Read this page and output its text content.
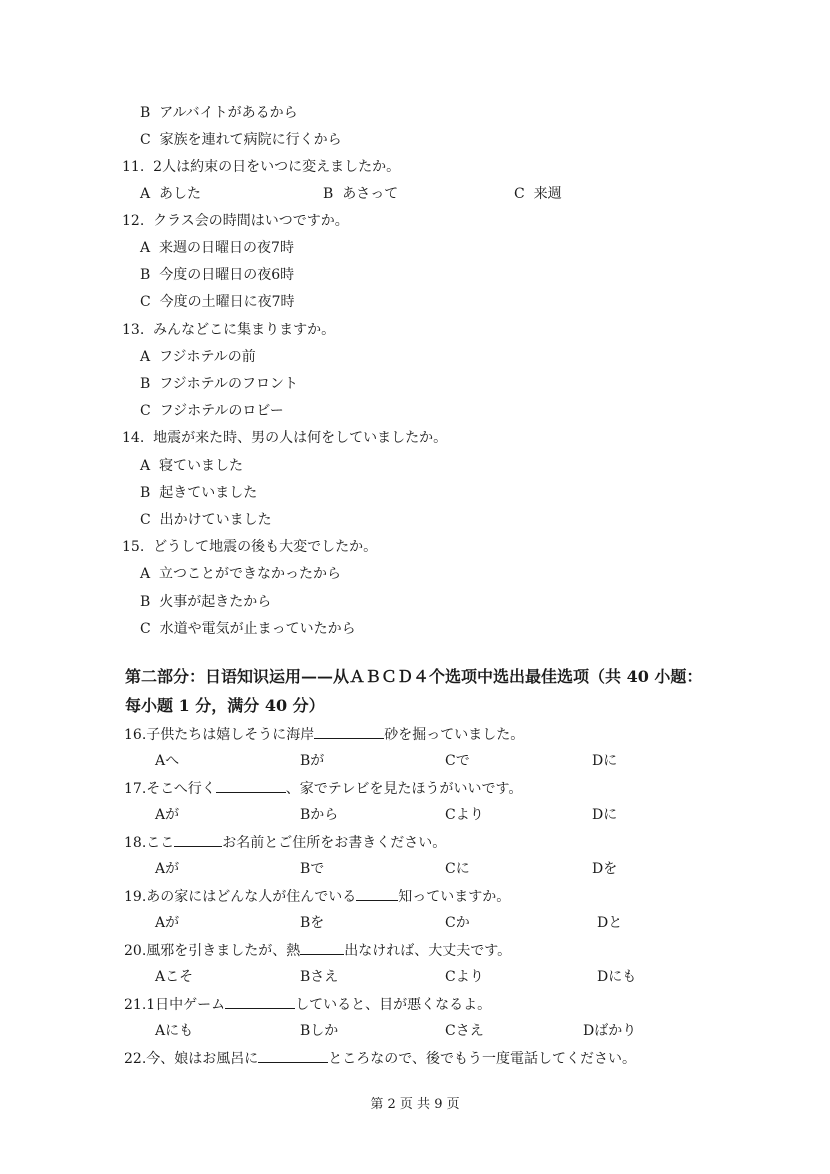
B アルバイトがあるから
C 家族を連れて病院に行くから
11. 2人は約束の日をいつに変えましたか。
A あした	B あさって	C 来週
12. クラス会の時間はいつですか。
A 来週の日曜日の夜7時
B 今度の日曜日の夜6時
C 今度の土曜日に夜7時
13. みんなどこに集まりますか。
A フジホテルの前
B フジホテルのフロント
C フジホテルのロビー
14. 地震が来た時、男の人は何をしていましたか。
A 寝ていました
B 起きていました
C 出かけていました
15. どうして地震の後も大変でしたか。
A 立つことができなかったから
B 火事が起きたから
C 水道や電気が止まっていたから
第二部分：日语知识运用——从ＡＢＣＤ４个选项中选出最佳选项（共 40 小题：
每小题 1 分，满分 40 分）
16.子供たちは嬉しそうに海岸	砂を掘っていました。
Aへ	Bが	Cで	Dに
17.そこへ行く	、家でテレビを見たほうがいいです。
Aが	Bから	Cより	Dに
18.ここ	お名前とご住所をお書きください。
Aが	Bで	Cに	Dを
19.あの家にはどんな人が住んでいる	知っていますか。
Aが	Bを	Cか	Dと
20.風邪を引きましたが、熱	出なければ、大丈夫です。
Aこそ	Bさえ	Cより	Dにも
21.1日中ゲーム	していると、目が悪くなるよ。
Aにも	Bしか	Cさえ	Dばかり
22.今、娘はお風呂に	ところなので、後でもう一度電話してください。
第 2 页 共 9 页
